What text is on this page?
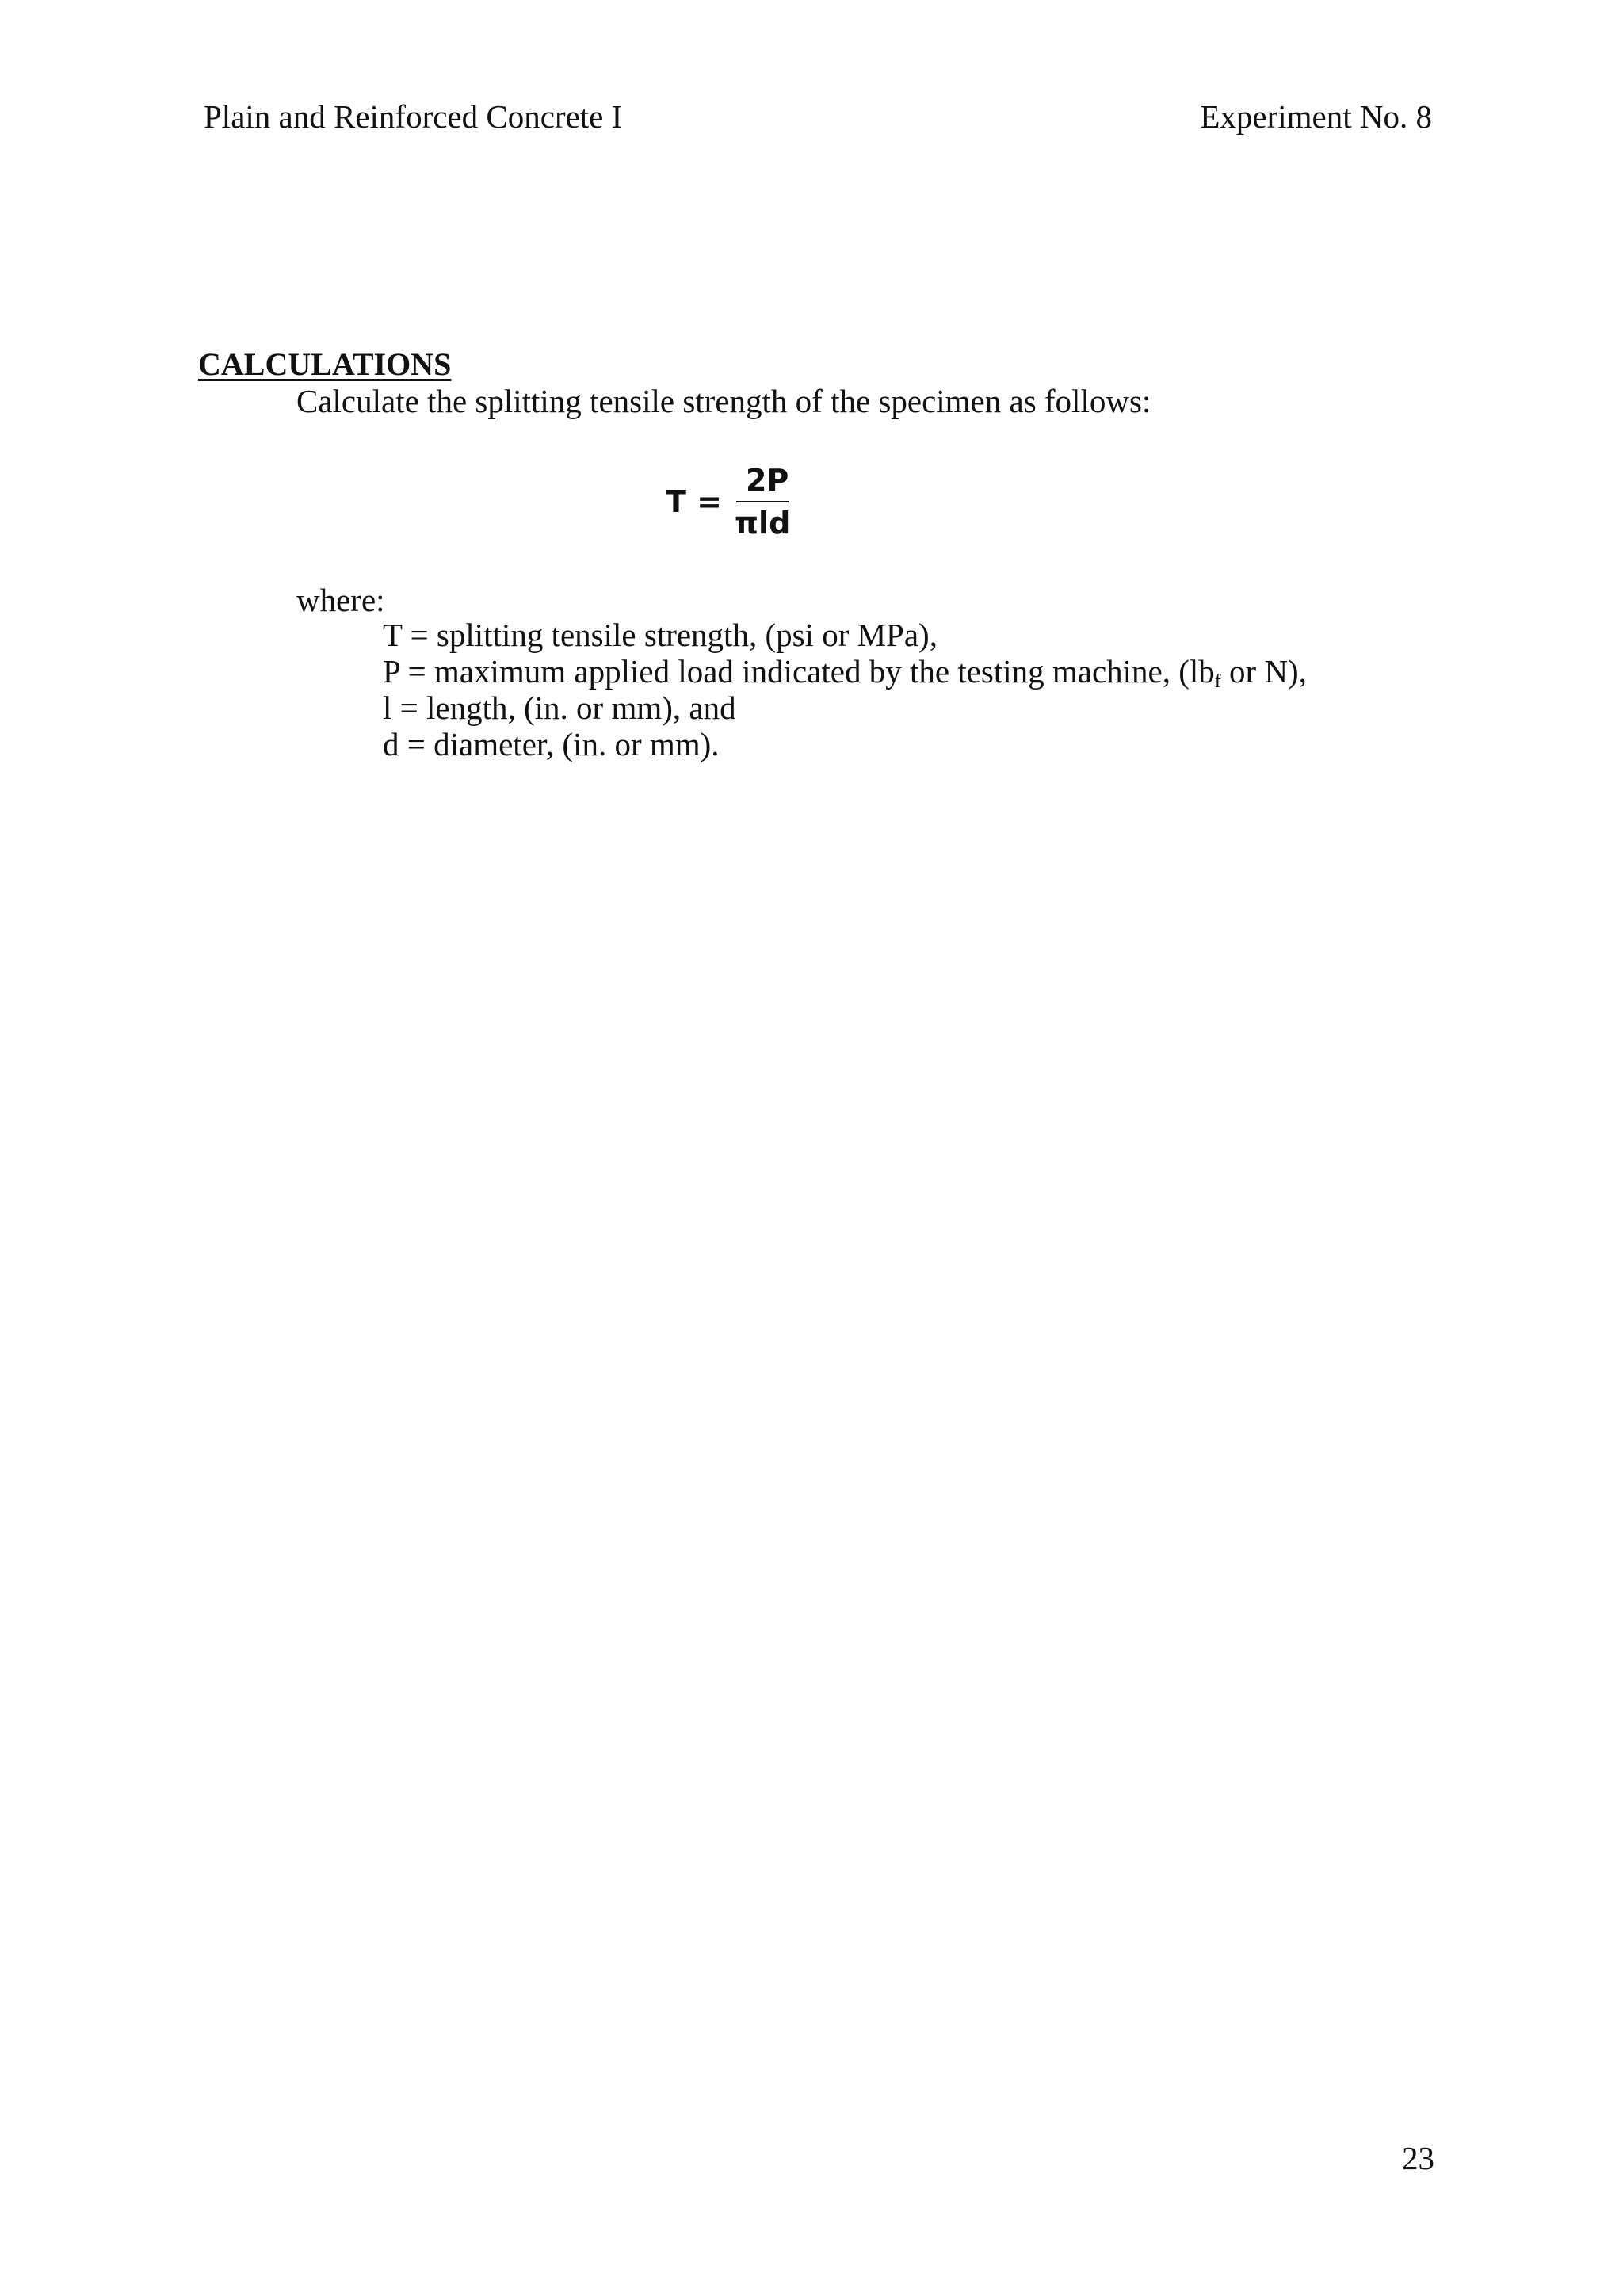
Plain and Reinforced Concrete I	Experiment No. 8
CALCULATIONS
Calculate the splitting tensile strength of the specimen as follows:
$T = \frac{2P}{\text{πld}}$
where:
T = splitting tensile strength, (psi or MPa),
P = maximum applied load indicated by the testing machine, ($lb_f$ or N),
l = length, (in. or mm), and
d = diameter, (in. or mm).
23
